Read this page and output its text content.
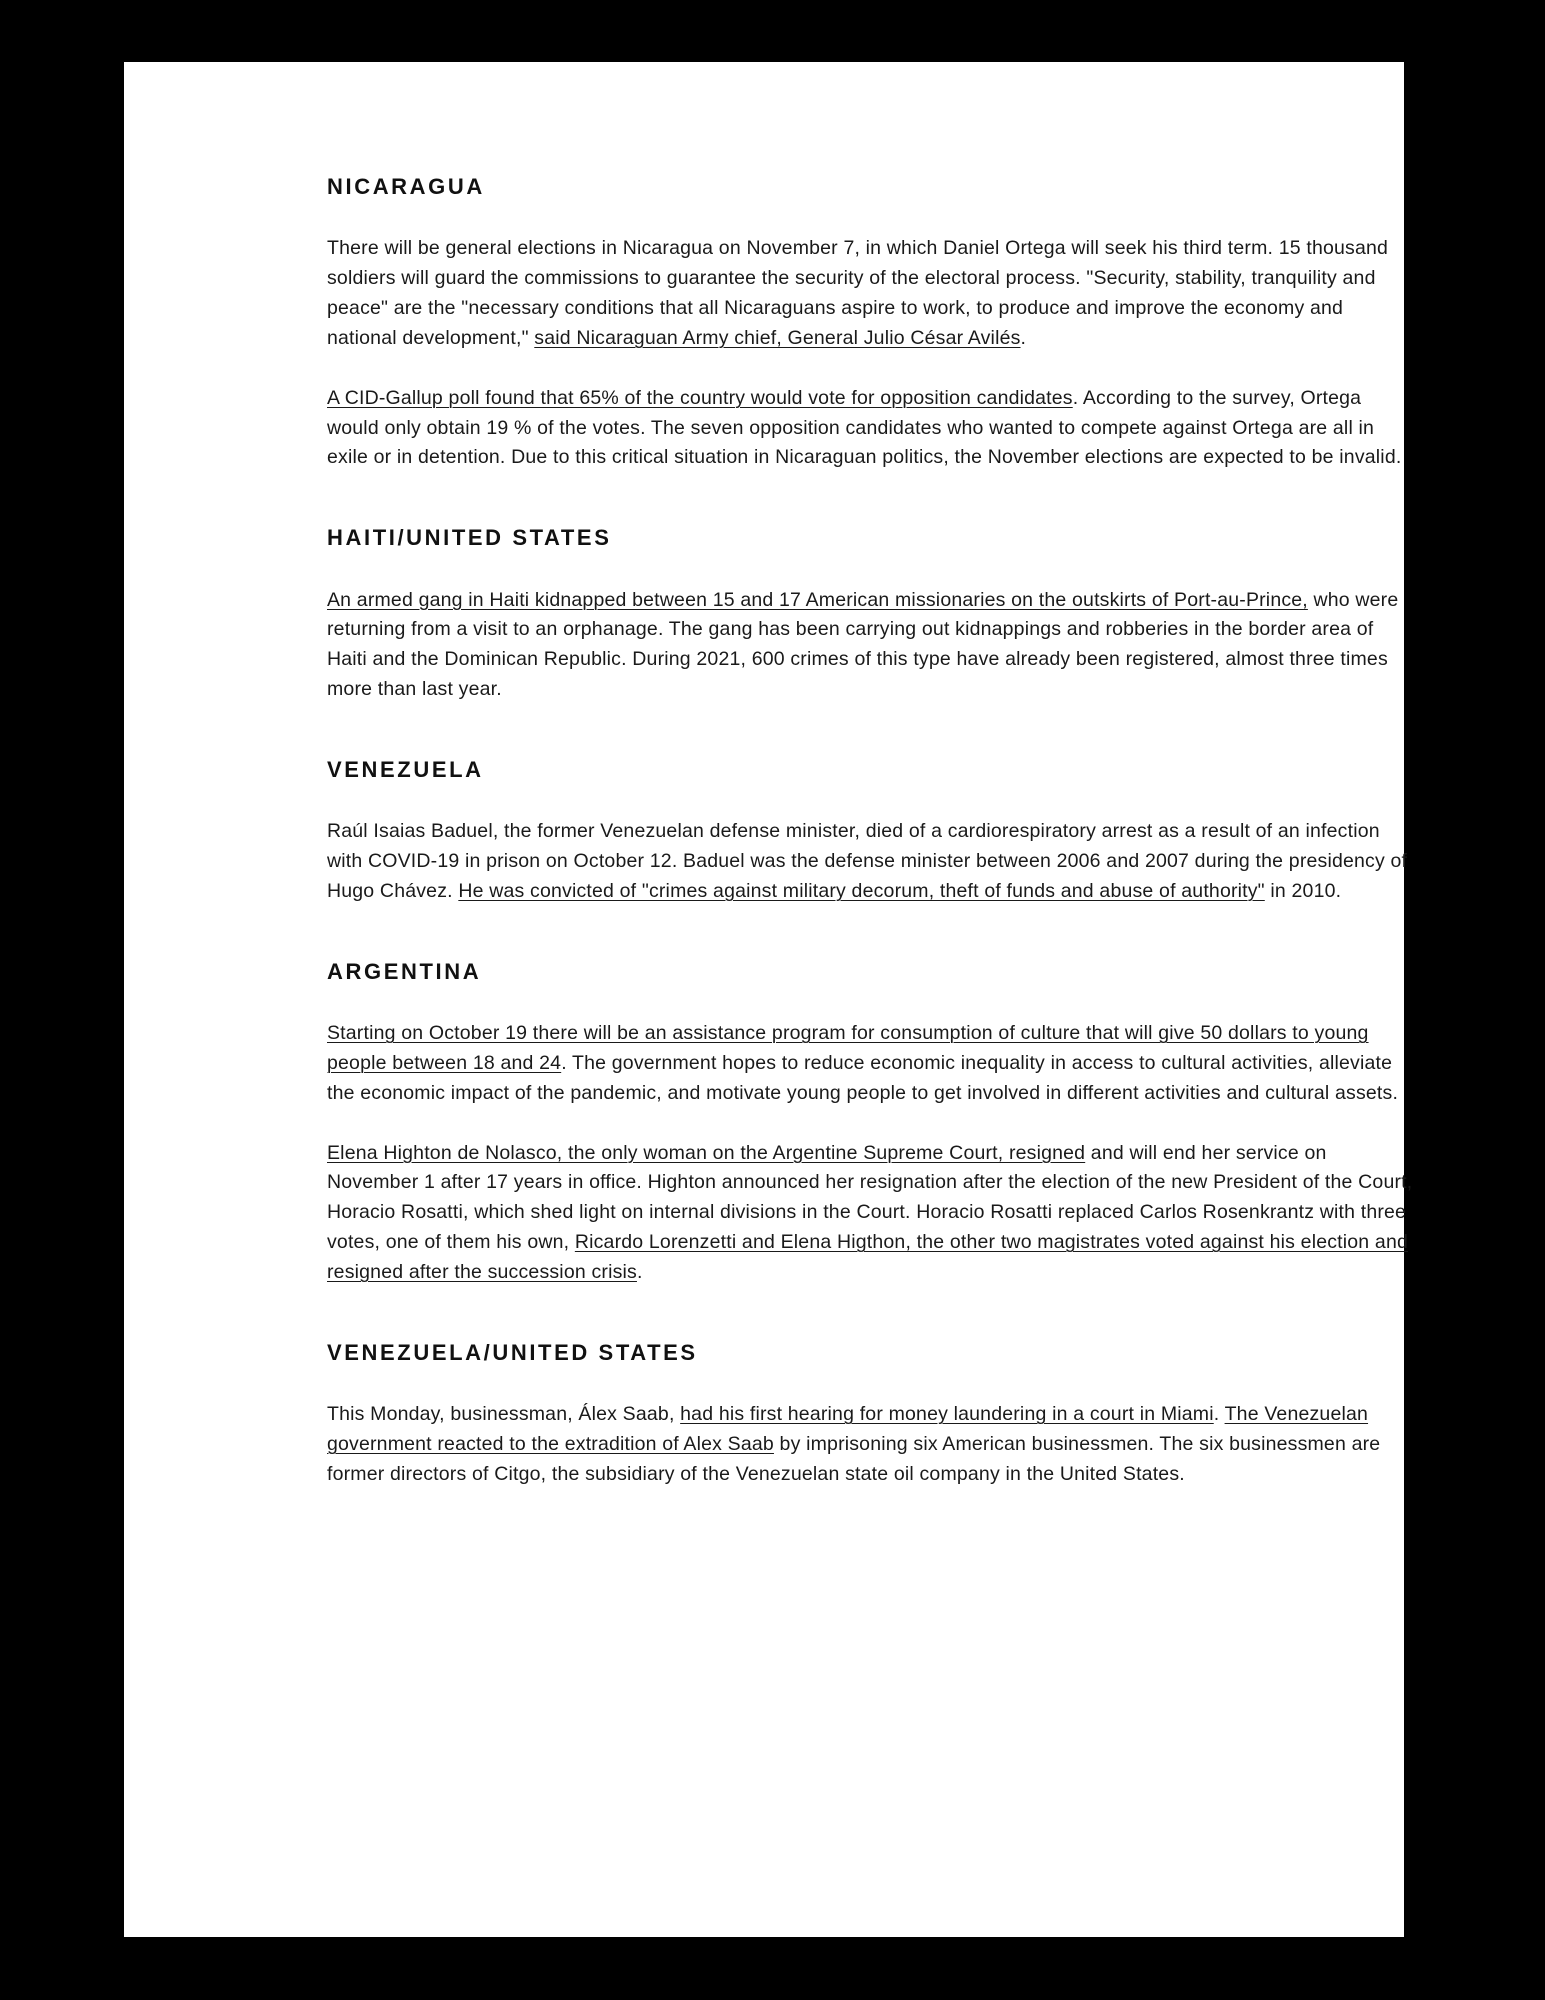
NICARAGUA

There will be general elections in Nicaragua on November 7, in which Daniel Ortega will seek his third term. 15 thousand soldiers will guard the commissions to guarantee the security of the electoral process. "Security, stability, tranquility and peace" are the "necessary conditions that all Nicaraguans aspire to work, to produce and improve the economy and national development," said Nicaraguan Army chief, General Julio César Avilés.

A CID-Gallup poll found that 65% of the country would vote for opposition candidates. According to the survey, Ortega would only obtain 19 % of the votes. The seven opposition candidates who wanted to compete against Ortega are all in exile or in detention. Due to this critical situation in Nicaraguan politics, the November elections are expected to be invalid.

HAITI/UNITED STATES

An armed gang in Haiti kidnapped between 15 and 17 American missionaries on the outskirts of Port-au-Prince, who were returning from a visit to an orphanage. The gang has been carrying out kidnappings and robberies in the border area of Haiti and the Dominican Republic. During 2021, 600 crimes of this type have already been registered, almost three times more than last year.

VENEZUELA

Raúl Isaias Baduel, the former Venezuelan defense minister, died of a cardiorespiratory arrest as a result of an infection with COVID-19 in prison on October 12. Baduel was the defense minister between 2006 and 2007 during the presidency of Hugo Chávez. He was convicted of "crimes against military decorum, theft of funds and abuse of authority" in 2010.

ARGENTINA

Starting on October 19 there will be an assistance program for consumption of culture that will give 50 dollars to young people between 18 and 24. The government hopes to reduce economic inequality in access to cultural activities, alleviate the economic impact of the pandemic, and motivate young people to get involved in different activities and cultural assets.

Elena Highton de Nolasco, the only woman on the Argentine Supreme Court, resigned and will end her service on November 1 after 17 years in office. Highton announced her resignation after the election of the new President of the Court, Horacio Rosatti, which shed light on internal divisions in the Court. Horacio Rosatti replaced Carlos Rosenkrantz with three votes, one of them his own, Ricardo Lorenzetti and Elena Higthon, the other two magistrates voted against his election and resigned after the succession crisis.

VENEZUELA/UNITED STATES

This Monday, businessman, Álex Saab, had his first hearing for money laundering in a court in Miami. The Venezuelan government reacted to the extradition of Alex Saab by imprisoning six American businessmen. The six businessmen are former directors of Citgo, the subsidiary of the Venezuelan state oil company in the United States.
